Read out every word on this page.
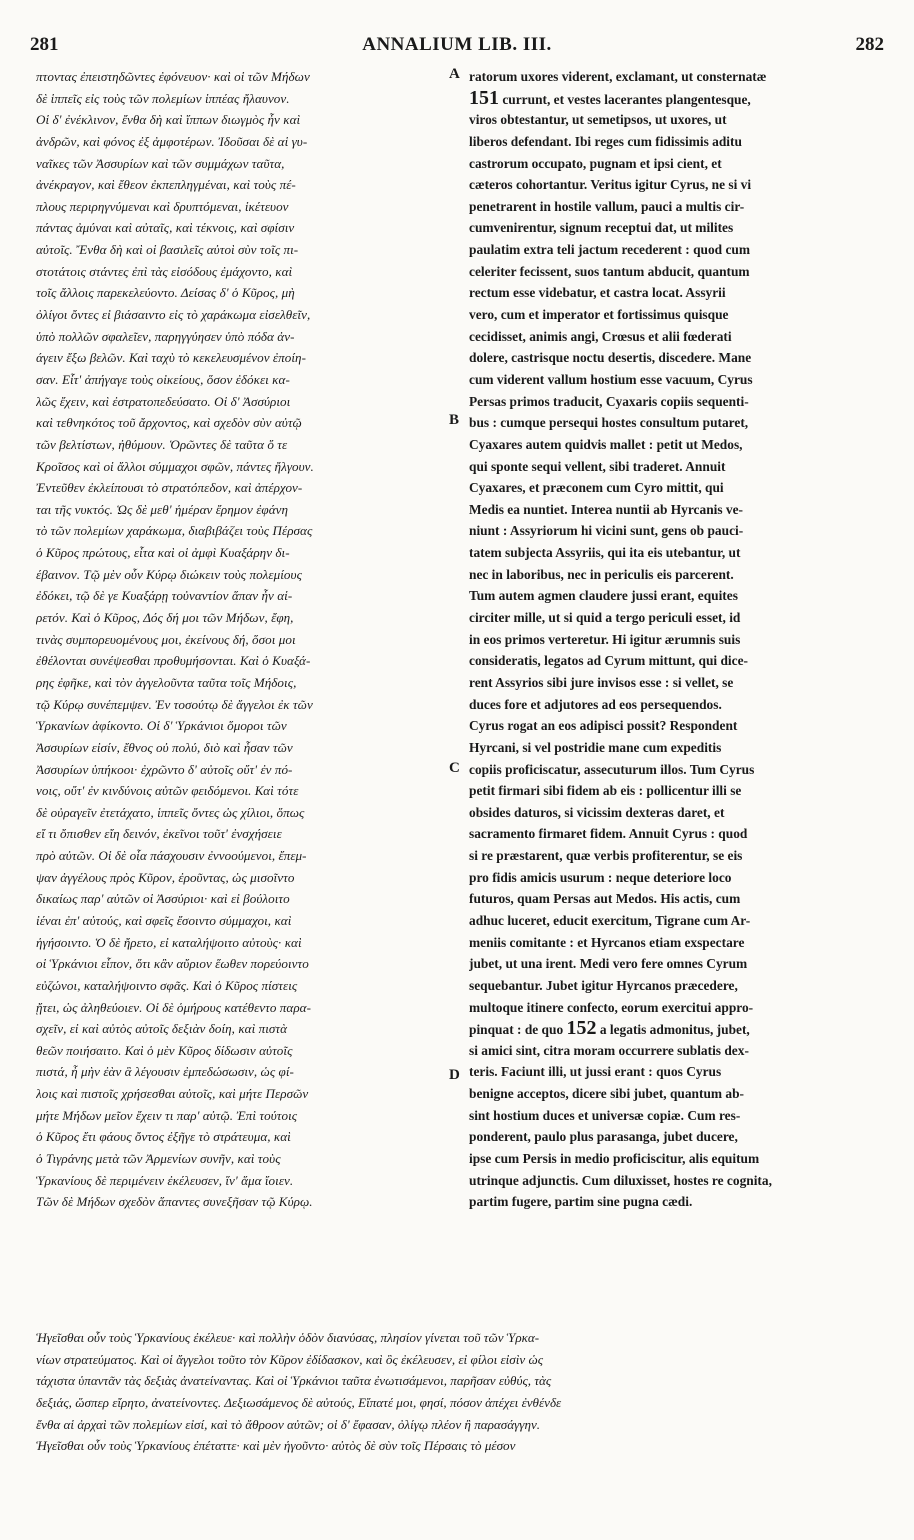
281	ANNALIUM LIB. III.	282
πτοντας ἐπειστηδῶντες ἐφόνευον· καὶ οἱ τῶν Μήδων
δὲ ἱππεῖς εἰς τοὺς τῶν πολεμίων ἱππέας ἤλαυνον.
Οἱ δ' ἐνέκλινον, ἔνθα δὴ καὶ ἵππων διωγμὸς ἦν καὶ
ἀνδρῶν, καὶ φόνος ἐξ ἀμφοτέρων. Ἰδοῦσαι δὲ αἱ γυ-
ναῖκες τῶν Ἀσσυρίων καὶ τῶν συμμάχων ταῦτα,
ἀνέκραγον, καὶ ἔθεον ἐκπεπληγμέναι, καὶ τοὺς πέ-
πλους περιρηγνύμεναι καὶ δρυπτόμεναι, ἱκέτευον
πάντας ἀμύναι καὶ αὐταῖς, καὶ τέκνοις, καὶ σφίσιν
αὐτοῖς. Ἔνθα δὴ καὶ οἱ βασιλεῖς αὐτοὶ σὺν τοῖς πι-
στοτάτοις στάντες ἐπὶ τὰς εἰσόδους ἐμάχοντο, καὶ
τοῖς ἄλλοις παρεκελεύοντο. Δείσας δ' ὁ Κῦρος, μὴ
ὀλίγοι ὄντες εἰ βιάσαιντο εἰς τὸ χαράκωμα εἰσελθεῖν,
ὑπὸ πολλῶν σφαλεῖεν, παρηγγύησεν ὑπὸ πόδα ἀν-
άγειν ἔξω βελῶν. Καὶ ταχὺ τὸ κεκελευσμένον ἐποίη-
σαν. Εἶτ' ἀπήγαγε τοὺς οἰκείους, ὅσον ἐδόκει κα-
λῶς ἔχειν, καὶ ἐστρατοπεδεύσατο. Οἱ δ' Ἀσσύριοι
καὶ τεθνηκότος τοῦ ἄρχοντος, καὶ σχεδὸν σὺν αὐτῷ
τῶν βελτίστων, ἠθύμουν. Ὁρῶντες δὲ ταῦτα ὅ τε
Κροῖσος καὶ οἱ ἄλλοι σύμμαχοι σφῶν, πάντες ἤλγουν.
Ἐντεῦθεν ἐκλείπουσι τὸ στρατόπεδον, καὶ ἀπέρχον-
ται τῆς νυκτός. Ὡς δὲ μεθ' ἡμέραν ἔρημον ἐφάνη
τὸ τῶν πολεμίων χαράκωμα, διαβιβάζει τοὺς Πέρσας
ὁ Κῦρος πρώτους, εἶτα καὶ οἱ ἀμφὶ Κυαξάρην δι-
έβαινον. Τῷ μὲν οὖν Κύρῳ διώκειν τοὺς πολεμίους
ἐδόκει, τῷ δὲ γε Κυαξάρῃ τοὐναντίον ἅπαν ἦν αἱ-
ρετόν. Καὶ ὁ Κῦρος, Δός δή μοι τῶν Μήδων, ἔφη,
τινὰς συμπορευομένους μοι, ἐκείνους δή, ὅσοι μοι
ἐθέλονται συνέψεσθαι προθυμήσονται. Καὶ ὁ Κυαξά-
ρης ἐφῆκε, καὶ τὸν ἀγγελοῦντα ταῦτα τοῖς Μήδοις,
τῷ Κύρῳ συνέπεμψεν. Ἐν τοσούτῳ δὲ ἄγγελοι ἐκ τῶν
Ὑρκανίων ἀφίκοντο. Οἱ δ' Ὑρκάνιοι ὅμοροι τῶν
Ἀσσυρίων εἰσίν, ἔθνος οὐ πολύ, διὸ καὶ ἦσαν τῶν
Ἀσσυρίων ὑπήκοοι· ἐχρῶντο δ' αὐτοῖς οὔτ' ἐν πό-
νοις, οὔτ' ἐν κινδύνοις αὐτῶν φειδόμενοι. Καὶ τότε
δὲ οὐραγεῖν ἐτετάχατο, ἱππεῖς ὄντες ὡς χίλιοι, ὅπως
εἴ τι ὄπισθεν εἴη δεινόν, ἐκεῖνοι τοῦτ' ἐνσχήσειε
πρὸ αὐτῶν. Οἱ δὲ οἷα πάσχουσιν ἐννοούμενοι, ἔπεμ-
ψαν ἀγγέλους πρὸς Κῦρον, ἐροῦντας, ὡς μισοῖντο
δικαίως παρ' αὐτῶν οἱ Ἀσσύριοι· καὶ εἰ βούλοιτο
ἰέναι ἐπ' αὐτούς, καὶ σφεῖς ἔσοιντο σύμμαχοι, καὶ
ἡγήσοιντο. Ὁ δὲ ἤρετο, εἰ καταλήψοιτο αὐτοὺς· καὶ
οἱ Ὑρκάνιοι εἶπον, ὅτι κἂν αὔριον ἕωθεν πορεύοιντο
εὐζώνοι, καταλήψοιντο σφᾶς. Καὶ ὁ Κῦρος πίστεις
ᾔτει, ὡς ἀληθεύοιεν. Οἱ δὲ ὁμήρους κατέθεντο παρα-
σχεῖν, εἰ καὶ αὐτὸς αὐτοῖς δεξιὰν δοίη, καὶ πιστὰ
θεῶν ποιήσαιτο. Καὶ ὁ μὲν Κῦρος δίδωσιν αὐτοῖς
πιστά, ἦ μὴν ἐὰν ἃ λέγουσιν ἐμπεδώσωσιν, ὡς φί-
λοις καὶ πιστοῖς χρήσεσθαι αὐτοῖς, καὶ μήτε Περσῶν
μήτε Μήδων μεῖον ἔχειν τι παρ' αὐτῷ. Ἐπὶ τούτοις
ὁ Κῦρος ἔτι φάους ὄντος ἐξῆγε τὸ στράτευμα, καὶ
ὁ Τιγράνης μετὰ τῶν Ἀρμενίων συνῆν, καὶ τοὺς
Ὑρκανίους δὲ περιμένειν ἐκέλευσεν, ἵν' ἅμα ἴοιεν.
Τῶν δὲ Μήδων σχεδὸν ἅπαντες συνεξῆσαν τῷ Κύρῳ.
A
B
C
D
ratorum uxores viderent, exclamant, ut consternatæ
151 currunt, et vestes lacerantes plangentesque,
viros obtestantur, ut semetipsos, ut uxores, ut
liberos defendant. Ibi reges cum fidissimis aditu
castrorum occupato, pugnam et ipsi cient, et
cæteros cohortantur. Veritus igitur Cyrus, ne si vi
penetrarent in hostile vallum, pauci a multis cir-
cumvenirentur, signum receptui dat, ut milites
paulatim extra teli jactum recederent : quod cum
celeriter fecissent, suos tantum abducit, quantum
rectum esse videbatur, et castra locat. Assyrii
vero, cum et imperator et fortissimus quisque
cecidisset, animis angi, Crœsus et alii fœderati
dolere, castrisque noctu desertis, discedere. Mane
cum viderent vallum hostium esse vacuum, Cyrus
Persas primos traducit, Cyaxaris copiis sequenti-
bus : cumque persequi hostes consultum putaret,
Cyaxares autem quidvis mallet : petit ut Medos,
qui sponte sequi vellent, sibi traderet. Annuit
Cyaxares, et præconem cum Cyro mittit, qui
Medis ea nuntiet. Interea nuntii ab Hyrcanis ve-
niunt : Assyriorum hi vicini sunt, gens ob pauci-
tatem subjecta Assyriis, qui ita eis utebantur, ut
nec in laboribus, nec in periculis eis parcerent.
Tum autem agmen claudere jussi erant, equites
circiter mille, ut si quid a tergo periculi esset, id
in eos primos verteretur. Hi igitur ærumnis suis
consideratis, legatos ad Cyrum mittunt, qui dice-
rent Assyrios sibi jure invisos esse : si vellet, se
duces fore et adjutores ad eos persequendos.
Cyrus rogat an eos adipisci possit? Respondent
Hyrcani, si vel postridie mane cum expeditis
copiis proficiscatur, assecuturum illos. Tum Cyrus
petit firmari sibi fidem ab eis : pollicentur illi se
obsides daturos, si vicissim dexteras daret, et
sacramento firmaret fidem. Annuit Cyrus : quod
si re præstarent, quæ verbis profiterentur, se eis
pro fidis amicis usurum : neque deteriore loco
futuros, quam Persas aut Medos. His actis, cum
adhuc luceret, educit exercitum, Tigrane cum Ar-
meniis comitante : et Hyrcanos etiam exspectare
jubet, ut una irent. Medi vero fere omnes Cyrum
sequebantur. Jubet igitur Hyrcanos præcedere,
multoque itinere confecto, eorum exercitui appro-
pinquat : de quo 152 a legatis admonitus, jubet,
si amici sint, citra moram occurrere sublatis dex-
teris. Faciunt illi, ut jussi erant : quos Cyrus
benigne acceptos, dicere sibi jubet, quantum ab-
sint hostium duces et universæ copiæ. Cum res-
ponderent, paulo plus parasanga, jubet ducere,
ipse cum Persis in medio proficiscitur, alis equitum
utrinque adjunctis. Cum diluxisset, hostes re cognita,
partim fugere, partim sine pugna cædi.
Ἡγεῖσθαι οὖν τοὺς Ὑρκανίους ἐκέλευε· καὶ πολλὴν ὁδὸν διανύσας, πλησίον γίνεται τοῦ τῶν Ὑρκα-
νίων στρατεύματος. Καὶ οἱ ἄγγελοι τοῦτο τὸν Κῦρον ἐδίδασκον, καὶ ὃς ἐκέλευσεν, εἰ φίλοι εἰσὶν ὡς
τάχιστα ὑπαντᾶν τὰς δεξιὰς ἀνατείναντας. Καὶ οἱ Ὑρκάνιοι ταῦτα ἐνωτισάμενοι, παρῆσαν εὐθύς, τὰς
δεξιάς, ὥσπερ εἴρητο, ἀνατείνοντες. Δεξιωσάμενος δὲ αὐτούς, Εἴπατέ μοι, φησί, πόσον ἀπέχει ἐνθένδε
ἔνθα αἱ ἀρχαὶ τῶν πολεμίων εἰσί, καὶ τὸ ἄθροον αὐτῶν; οἱ δ' ἔφασαν, ὀλίγῳ πλέον ἢ παρασάγγην.
Ἡγεῖσθαι οὖν τοὺς Ὑρκανίους ἐπέταττε· καὶ μὲν ἡγοῦντο· αὐτὸς δὲ σὺν τοῖς Πέρσαις τὸ μέσον
